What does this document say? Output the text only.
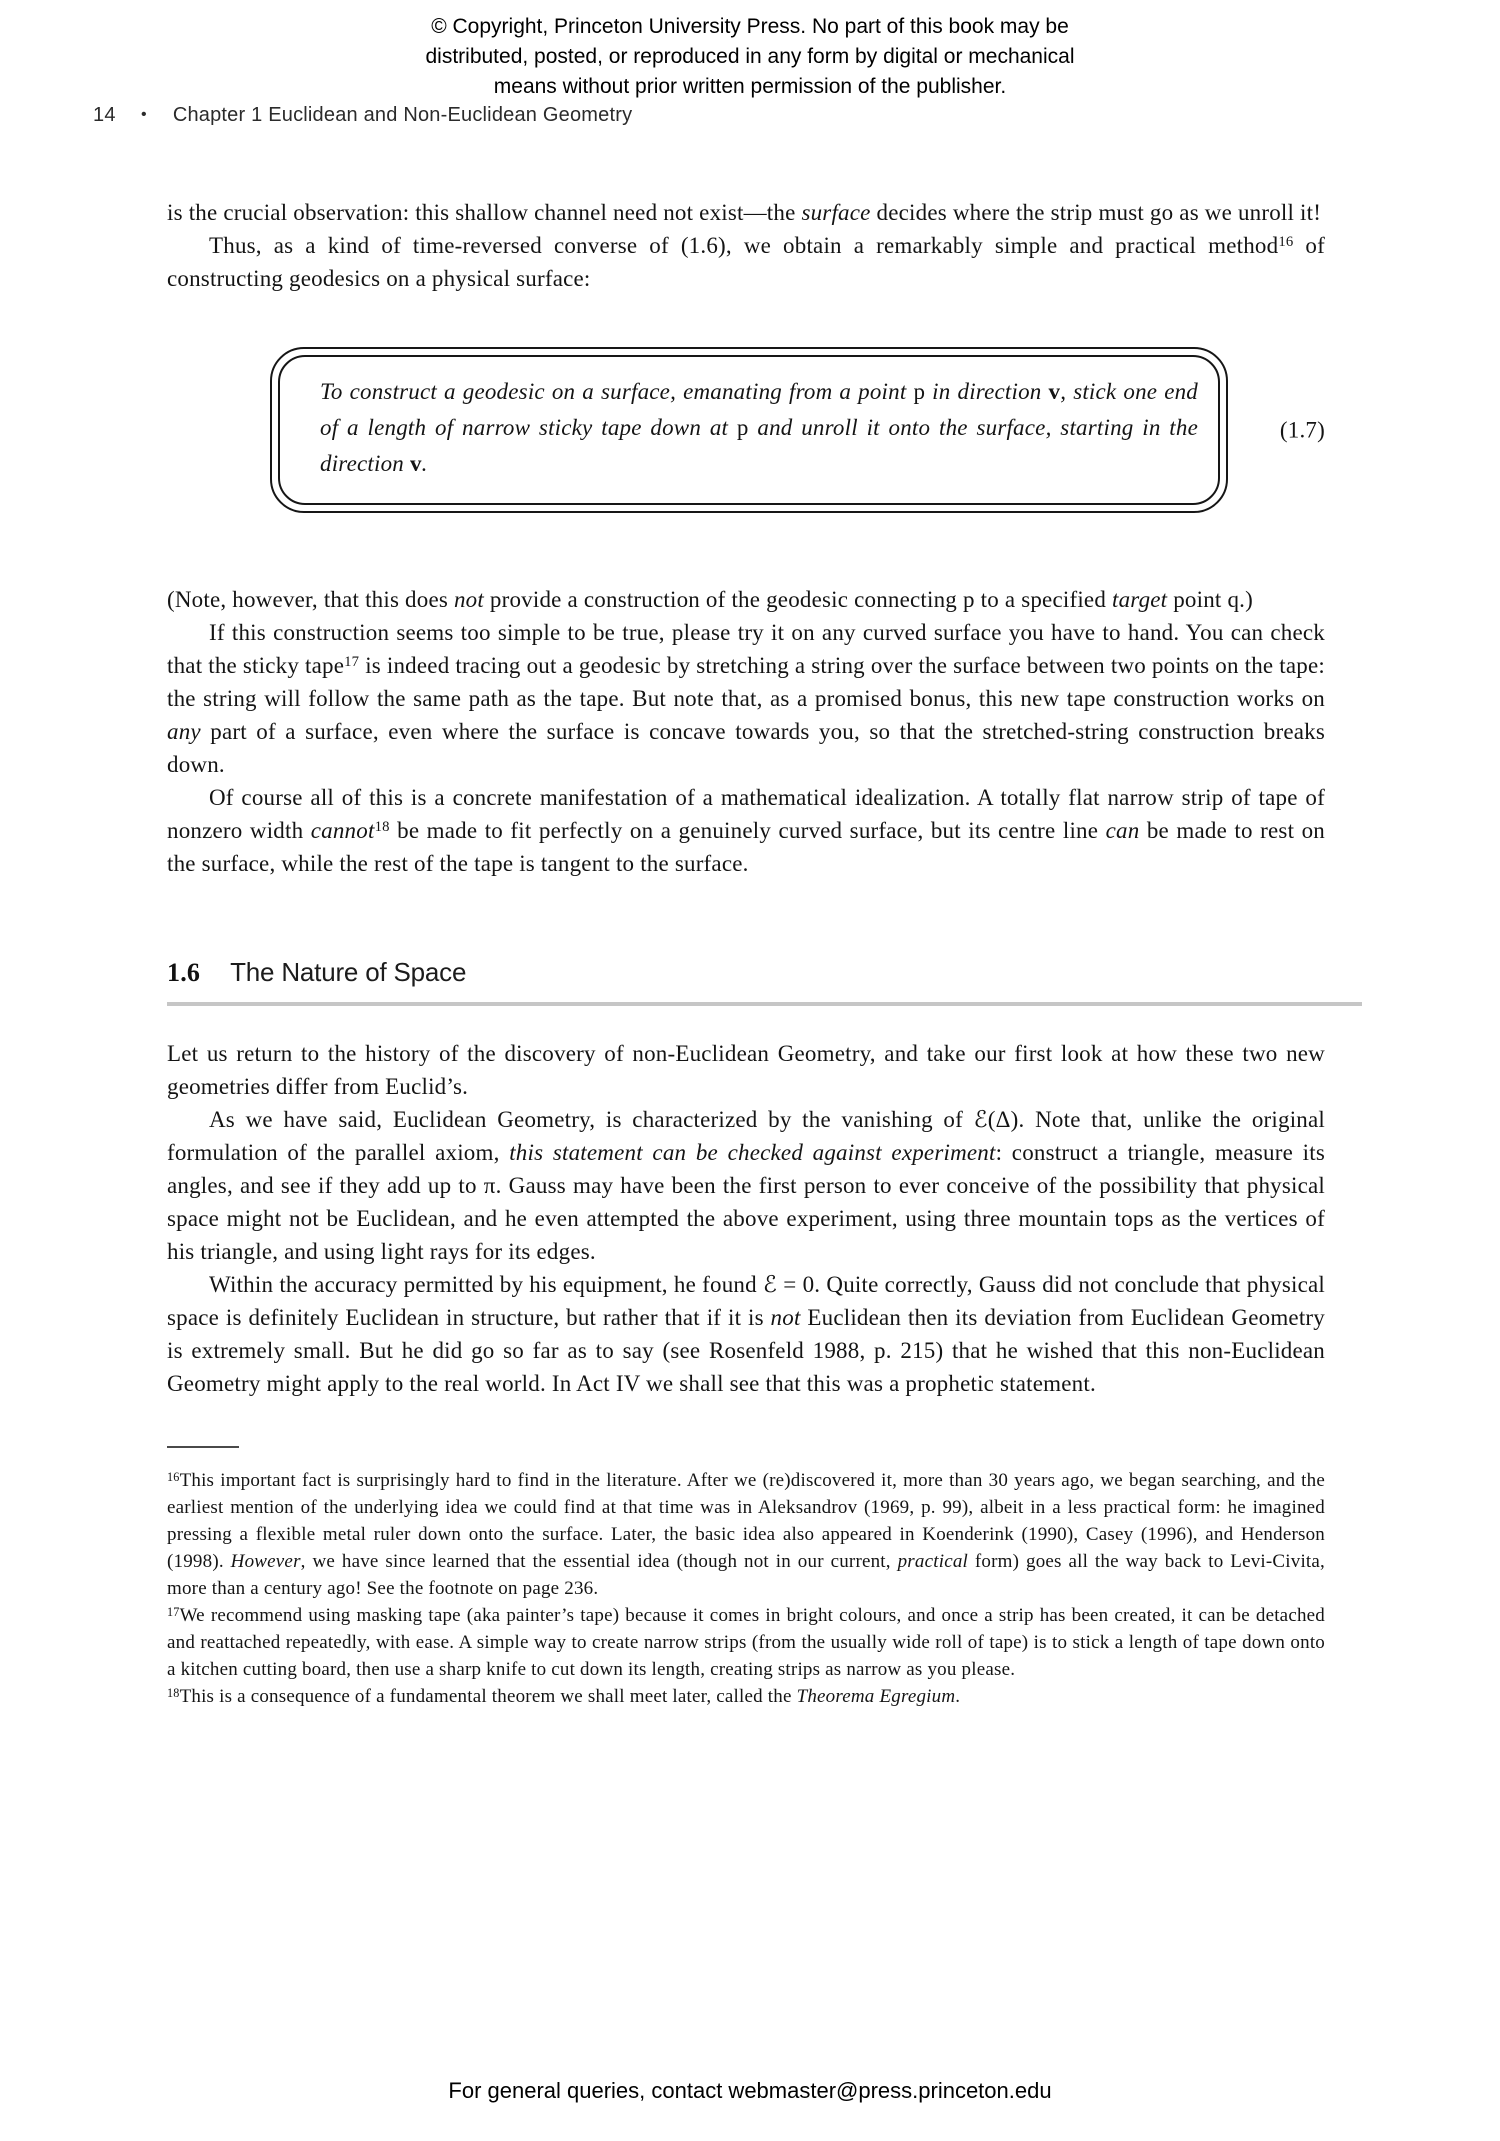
© Copyright, Princeton University Press. No part of this book may be
distributed, posted, or reproduced in any form by digital or mechanical
means without prior written permission of the publisher.
14	• Chapter 1 Euclidean and Non-Euclidean Geometry

is the crucial observation: this shallow channel need not exist—the surface decides where the strip must go as we unroll it!

Thus, as a kind of time-reversed converse of (1.6), we obtain a remarkably simple and practical method$^{16}$ of constructing geodesics on a physical surface:

To construct a geodesic on a surface, emanating from a point p in direction v, stick one end of a length of narrow sticky tape down at p and unroll it onto the surface, starting in the direction v.
(1.7)

(Note, however, that this does not provide a construction of the geodesic connecting p to a specified target point q.)

If this construction seems too simple to be true, please try it on any curved surface you have to hand. You can check that the sticky tape$^{17}$ is indeed tracing out a geodesic by stretching a string over the surface between two points on the tape: the string will follow the same path as the tape. But note that, as a promised bonus, this new tape construction works on any part of a surface, even where the surface is concave towards you, so that the stretched-string construction breaks down.

Of course all of this is a concrete manifestation of a mathematical idealization. A totally flat narrow strip of tape of nonzero width cannot$^{18}$ be made to fit perfectly on a genuinely curved surface, but its centre line can be made to rest on the surface, while the rest of the tape is tangent to the surface.

1.6 The Nature of Space

Let us return to the history of the discovery of non-Euclidean Geometry, and take our first look at how these two new geometries differ from Euclid’s.

As we have said, Euclidean Geometry, is characterized by the vanishing of ℰ(Δ). Note that, unlike the original formulation of the parallel axiom, this statement can be checked against experiment: construct a triangle, measure its angles, and see if they add up to π. Gauss may have been the first person to ever conceive of the possibility that physical space might not be Euclidean, and he even attempted the above experiment, using three mountain tops as the vertices of his triangle, and using light rays for its edges.

Within the accuracy permitted by his equipment, he found ℰ = 0. Quite correctly, Gauss did not conclude that physical space is definitely Euclidean in structure, but rather that if it is not Euclidean then its deviation from Euclidean Geometry is extremely small. But he did go so far as to say (see Rosenfeld 1988, p. 215) that he wished that this non-Euclidean Geometry might apply to the real world. In Act IV we shall see that this was a prophetic statement.

$^{16}$This important fact is surprisingly hard to find in the literature. After we (re)discovered it, more than 30 years ago, we began searching, and the earliest mention of the underlying idea we could find at that time was in Aleksandrov (1969, p. 99), albeit in a less practical form: he imagined pressing a flexible metal ruler down onto the surface. Later, the basic idea also appeared in Koenderink (1990), Casey (1996), and Henderson (1998). However, we have since learned that the essential idea (though not in our current, practical form) goes all the way back to Levi-Civita, more than a century ago! See the footnote on page 236.

$^{17}$We recommend using masking tape (aka painter’s tape) because it comes in bright colours, and once a strip has been created, it can be detached and reattached repeatedly, with ease. A simple way to create narrow strips (from the usually wide roll of tape) is to stick a length of tape down onto a kitchen cutting board, then use a sharp knife to cut down its length, creating strips as narrow as you please.

$^{18}$This is a consequence of a fundamental theorem we shall meet later, called the Theorema Egregium.

For general queries, contact webmaster@press.princeton.edu
